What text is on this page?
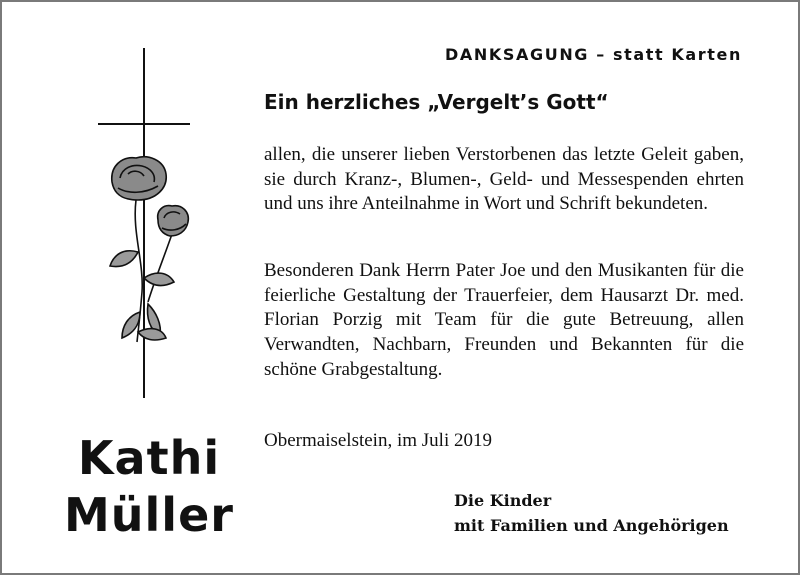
Kathi
Müller
DANKSAGUNG – statt Karten
Ein herzliches „Vergelt’s Gott“

allen, die unserer lieben Verstorbenen das letzte Geleit gaben, sie durch Kranz-, Blumen-, Geld- und Messespenden ehrten und uns ihre Anteilnahme in Wort und Schrift bekundeten.

Besonderen Dank Herrn Pater Joe und den Musikanten für die feierliche Gestaltung der Trauerfeier, dem Hausarzt Dr. med. Florian Porzig mit Team für die gute Betreuung, allen Verwandten, Nachbarn, Freunden und Bekannten für die schöne Grabgestaltung.

Obermaiselstein, im Juli 2019
Die Kinder
mit Familien und Angehörigen
